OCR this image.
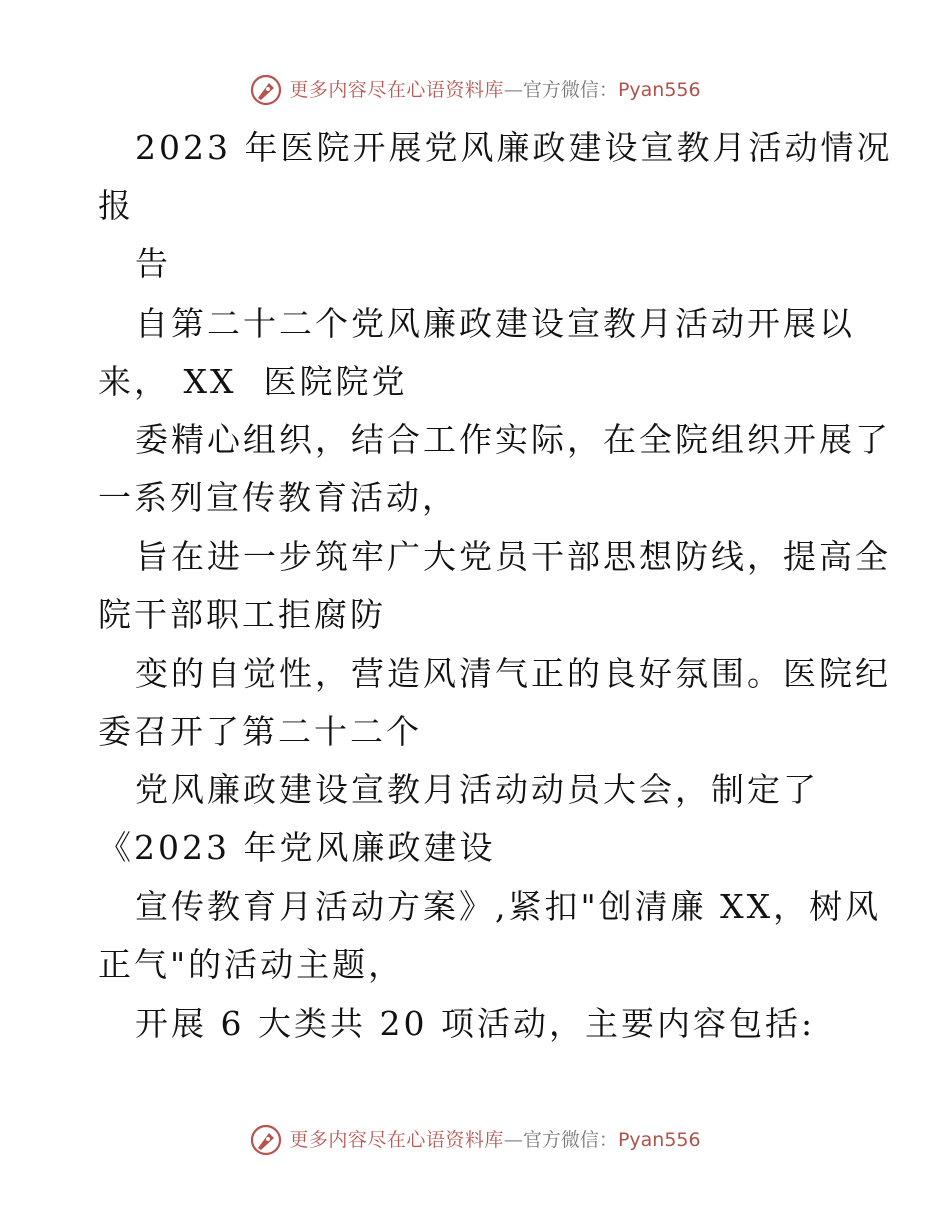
更多内容尽在心语资料库 — 官方微信： Pyan556
2023 年医院开展党风廉政建设宣教月活动情况
报
告
自第二十二个党风廉政建设宣教月活动开展以
来， XX  医院院党
委精心组织，结合工作实际，在全院组织开展了
一系列宣传教育活动，
旨在进一步筑牢广大党员干部思想防线，提高全
院干部职工拒腐防
变的自觉性，营造风清气正的良好氛围。医院纪
委召开了第二十二个
党风廉政建设宣教月活动动员大会，制定了
《2023 年党风廉政建设
宣传教育月活动方案》,紧扣"创清廉 XX，树风
正气"的活动主题，
开展 6 大类共 20 项活动，主要内容包括:
更多内容尽在心语资料库 — 官方微信： Pyan556
